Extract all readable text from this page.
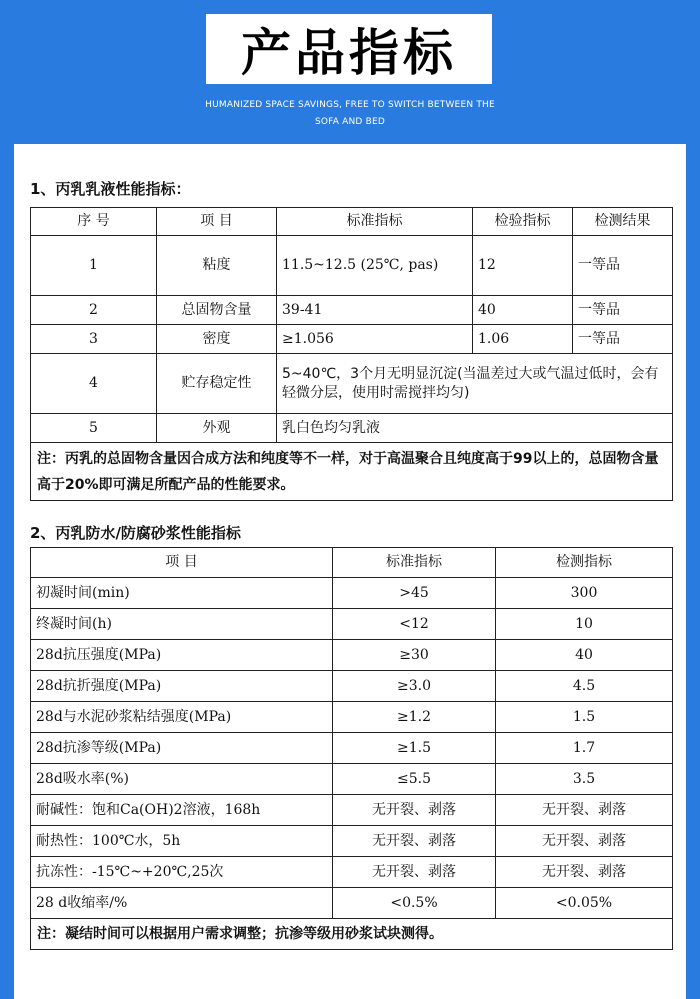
产品指标
HUMANIZED SPACE SAVINGS, FREE TO SWITCH BETWEEN THE
SOFA AND BED
1、丙乳乳液性能指标：
序 号	项 目	标准指标	检验指标	检测结果
1	粘度	11.5~12.5 (25℃, pas)	12	一等品
2	总固物含量	39-41	40	一等品
3	密度	≥1.056	1.06	一等品
4	贮存稳定性	5~40℃，3个月无明显沉淀(当温差过大或气温过低时，会有轻微分层，使用时需搅拌均匀)		
5	外观	乳白色均匀乳液		
注：丙乳的总固物含量因合成方法和纯度等不一样，对于高温聚合且纯度高于99以上的，总固物含量高于20%即可满足所配产品的性能要求。				
2、丙乳防水/防腐砂浆性能指标
项 目	标准指标	检测指标
初凝时间(min)	>45	300
终凝时间(h)	<12	10
28d抗压强度(MPa)	≥30	40
28d抗折强度(MPa)	≥3.0	4.5
28d与水泥砂浆粘结强度(MPa)	≥1.2	1.5
28d抗渗等级(MPa)	≥1.5	1.7
28d吸水率(%)	≤5.5	3.5
耐碱性：饱和Ca(OH)2溶液，168h	无开裂、剥落	无开裂、剥落
耐热性：100℃水，5h	无开裂、剥落	无开裂、剥落
抗冻性：-15℃~+20℃,25次	无开裂、剥落	无开裂、剥落
28 d收缩率/%	<0.5%	<0.05%
注：凝结时间可以根据用户需求调整；抗渗等级用砂浆试块测得。		
